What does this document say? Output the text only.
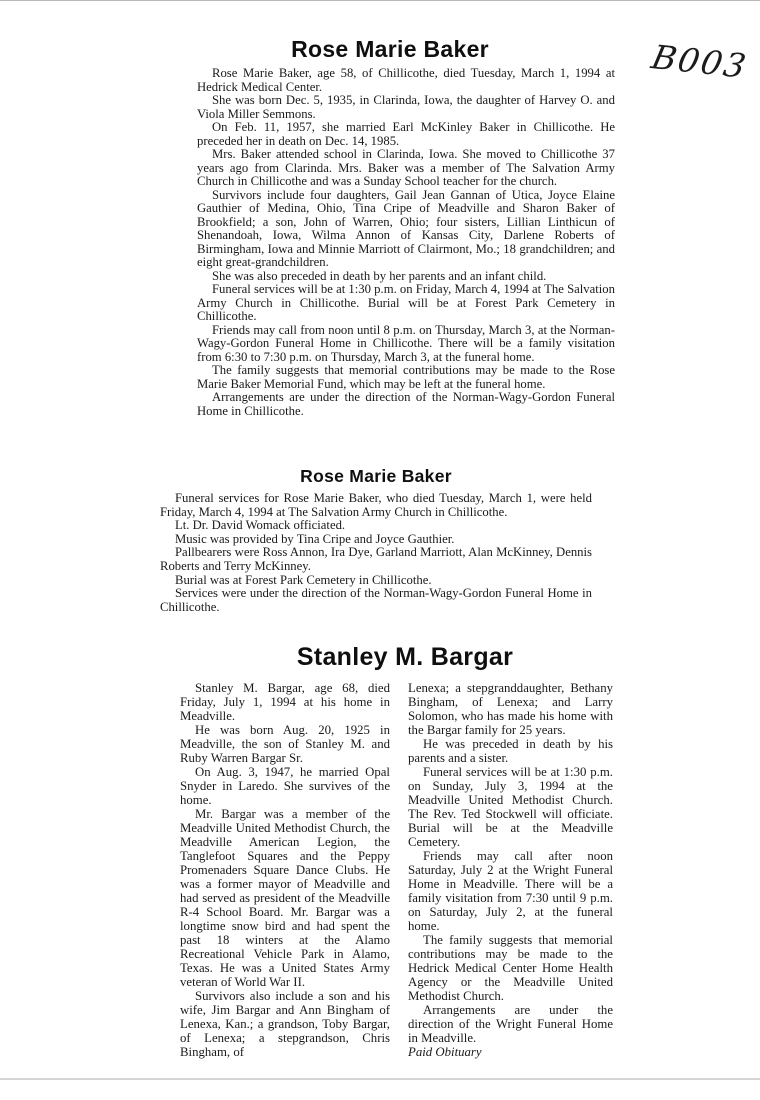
B003
Rose Marie Baker

Rose Marie Baker, age 58, of Chillicothe, died Tuesday, March 1, 1994 at Hedrick Medical Center.

She was born Dec. 5, 1935, in Clarinda, Iowa, the daughter of Harvey O. and Viola Miller Semmons.

On Feb. 11, 1957, she married Earl McKinley Baker in Chillicothe. He preceded her in death on Dec. 14, 1985.

Mrs. Baker attended school in Clarinda, Iowa. She moved to Chillicothe 37 years ago from Clarinda. Mrs. Baker was a member of The Salvation Army Church in Chillicothe and was a Sunday School teacher for the church.

Survivors include four daughters, Gail Jean Gannan of Utica, Joyce Elaine Gauthier of Medina, Ohio, Tina Cripe of Meadville and Sharon Baker of Brookfield; a son, John of Warren, Ohio; four sisters, Lillian Linthicun of Shenandoah, Iowa, Wilma Annon of Kansas City, Darlene Roberts of Birmingham, Iowa and Minnie Marriott of Clairmont, Mo.; 18 grandchildren; and eight great-grandchildren.

She was also preceded in death by her parents and an infant child.

Funeral services will be at 1:30 p.m. on Friday, March 4, 1994 at The Salvation Army Church in Chillicothe. Burial will be at Forest Park Cemetery in Chillicothe.

Friends may call from noon until 8 p.m. on Thursday, March 3, at the Norman-Wagy-Gordon Funeral Home in Chillicothe. There will be a family visitation from 6:30 to 7:30 p.m. on Thursday, March 3, at the funeral home.

The family suggests that memorial contributions may be made to the Rose Marie Baker Memorial Fund, which may be left at the funeral home.

Arrangements are under the direction of the Norman-Wagy-Gordon Funeral Home in Chillicothe.

Rose Marie Baker

Funeral services for Rose Marie Baker, who died Tuesday, March 1, were held Friday, March 4, 1994 at The Salvation Army Church in Chillicothe.

Lt. Dr. David Womack officiated.

Music was provided by Tina Cripe and Joyce Gauthier.

Pallbearers were Ross Annon, Ira Dye, Garland Marriott, Alan McKinney, Dennis Roberts and Terry McKinney.

Burial was at Forest Park Cemetery in Chillicothe.

Services were under the direction of the Norman-Wagy-Gordon Funeral Home in Chillicothe.

Stanley M. Bargar

Stanley M. Bargar, age 68, died Friday, July 1, 1994 at his home in Meadville.

He was born Aug. 20, 1925 in Meadville, the son of Stanley M. and Ruby Warren Bargar Sr.

On Aug. 3, 1947, he married Opal Snyder in Laredo. She survives of the home.

Mr. Bargar was a member of the Meadville United Methodist Church, the Meadville American Legion, the Tanglefoot Squares and the Peppy Promenaders Square Dance Clubs. He was a former mayor of Meadville and had served as president of the Meadville R-4 School Board. Mr. Bargar was a longtime snow bird and had spent the past 18 winters at the Alamo Recreational Vehicle Park in Alamo, Texas. He was a United States Army veteran of World War II.

Survivors also include a son and his wife, Jim Bargar and Ann Bingham of Lenexa, Kan.; a grandson, Toby Bargar, of Lenexa; a stepgrandson, Chris Bingham, of

Lenexa; a stepgranddaughter, Bethany Bingham, of Lenexa; and Larry Solomon, who has made his home with the Bargar family for 25 years.

He was preceded in death by his parents and a sister.

Funeral services will be at 1:30 p.m. on Sunday, July 3, 1994 at the Meadville United Methodist Church. The Rev. Ted Stockwell will officiate. Burial will be at the Meadville Cemetery.

Friends may call after noon Saturday, July 2 at the Wright Funeral Home in Meadville. There will be a family visitation from 7:30 until 9 p.m. on Saturday, July 2, at the funeral home.

The family suggests that memorial contributions may be made to the Hedrick Medical Center Home Health Agency or the Meadville United Methodist Church.

Arrangements are under the direction of the Wright Funeral Home in Meadville.

Paid Obituary
